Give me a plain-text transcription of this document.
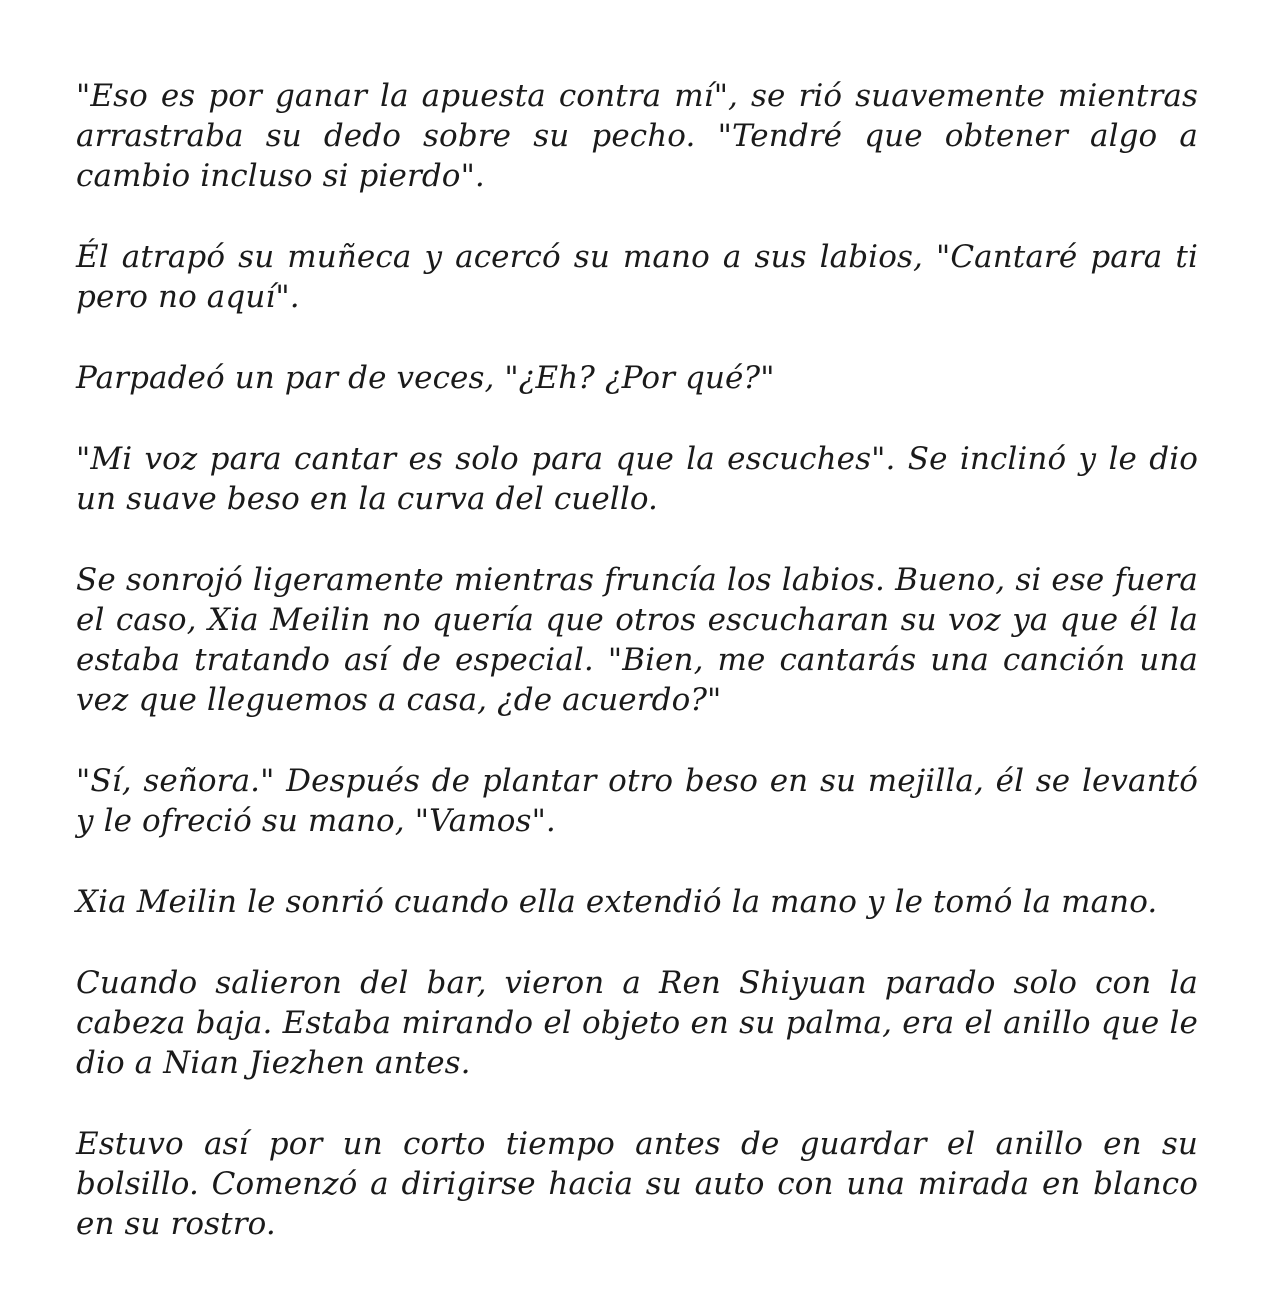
"Eso es por ganar la apuesta contra mí", se rió suavemente mientras arrastraba su dedo sobre su pecho. "Tendré que obtener algo a cambio incluso si pierdo".

Él atrapó su muñeca y acercó su mano a sus labios, "Cantaré para ti pero no aquí".

Parpadeó un par de veces, "¿Eh? ¿Por qué?"

"Mi voz para cantar es solo para que la escuches". Se inclinó y le dio un suave beso en la curva del cuello.

Se sonrojó ligeramente mientras fruncía los labios. Bueno, si ese fuera el caso, Xia Meilin no quería que otros escucharan su voz ya que él la estaba tratando así de especial. "Bien, me cantarás una canción una vez que lleguemos a casa, ¿de acuerdo?"

"Sí, señora." Después de plantar otro beso en su mejilla, él se levantó y le ofreció su mano, "Vamos".

Xia Meilin le sonrió cuando ella extendió la mano y le tomó la mano.

Cuando salieron del bar, vieron a Ren Shiyuan parado solo con la cabeza baja. Estaba mirando el objeto en su palma, era el anillo que le dio a Nian Jiezhen antes.

Estuvo así por un corto tiempo antes de guardar el anillo en su bolsillo. Comenzó a dirigirse hacia su auto con una mirada en blanco en su rostro.
